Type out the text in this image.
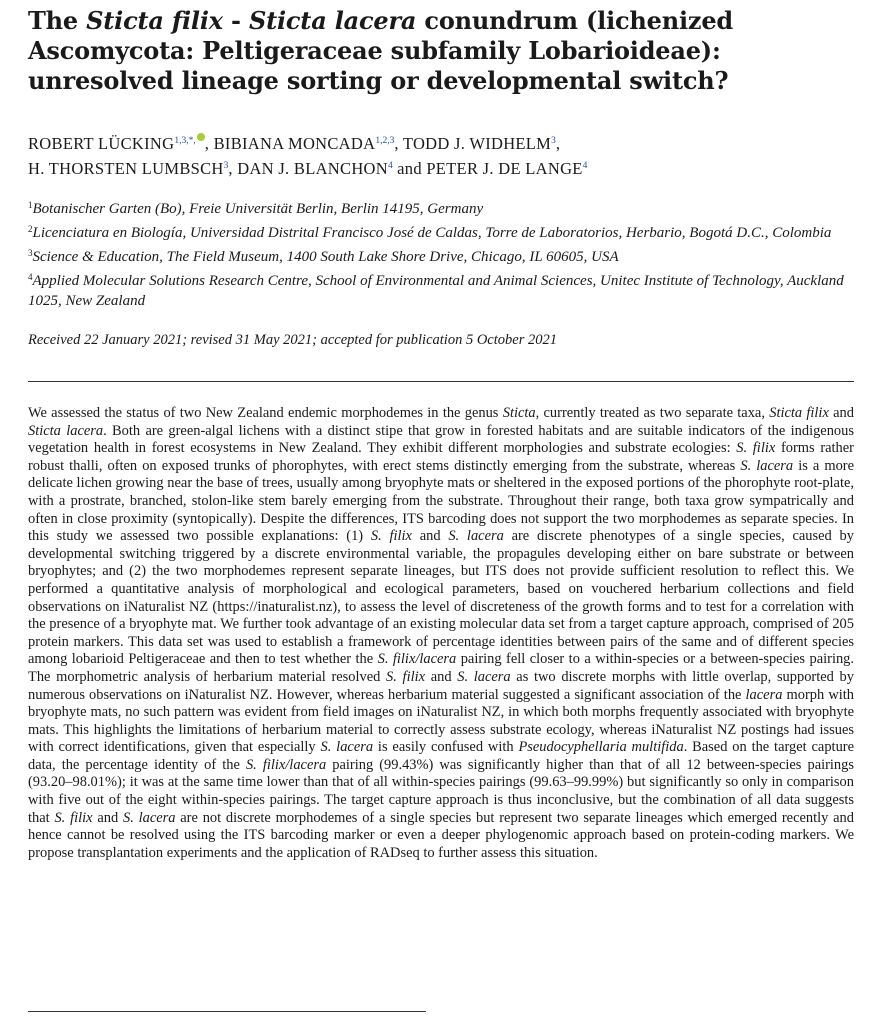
The Sticta filix - Sticta lacera conundrum (lichenized Ascomycota: Peltigeraceae subfamily Lobarioideae): unresolved lineage sorting or developmental switch?
ROBERT $LÜCKING^{1,3,*,}$ , BIBIANA MONCADA$^{1,2,3}$, TODD J. WIDHELM$^3$,
H. THORSTEN LUMBSCH$^3$, DAN J. BLANCHON$^4$ and PETER J. DE LANGE$^4$
$^1$Botanischer Garten (Bo), Freie Universität Berlin, Berlin 14195, Germany
$^2$Licenciatura en Biología, Universidad Distrital Francisco José de Caldas, Torre de Laboratorios, Herbario, Bogotá D.C., Colombia
$^3$Science & Education, The Field Museum, 1400 South Lake Shore Drive, Chicago, IL 60605, USA
$^4$Applied Molecular Solutions Research Centre, School of Environmental and Animal Sciences, Unitec Institute of Technology, Auckland 1025, New Zealand
Received 22 January 2021; revised 31 May 2021; accepted for publication 5 October 2021
We assessed the status of two New Zealand endemic morphodemes in the genus Sticta, currently treated as two separate taxa, Sticta filix and Sticta lacera. Both are green-algal lichens with a distinct stipe that grow in forested habitats and are suitable indicators of the indigenous vegetation health in forest ecosystems in New Zealand. They exhibit different morphologies and substrate ecologies: S. filix forms rather robust thalli, often on exposed trunks of phorophytes, with erect stems distinctly emerging from the substrate, whereas S. lacera is a more delicate lichen growing near the base of trees, usually among bryophyte mats or sheltered in the exposed portions of the phorophyte root-plate, with a prostrate, branched, stolon-like stem barely emerging from the substrate. Throughout their range, both taxa grow sympatrically and often in close proximity (syntopically). Despite the differences, ITS barcoding does not support the two morphodemes as separate species. In this study we assessed two possible explanations: (1) S. filix and S. lacera are discrete phenotypes of a single species, caused by developmental switching triggered by a discrete environmental variable, the propagules developing either on bare substrate or between bryophytes; and (2) the two morphodemes represent separate lineages, but ITS does not provide sufficient resolution to reflect this. We performed a quantitative analysis of morphological and ecological parameters, based on vouchered herbarium collections and field observations on iNaturalist NZ (https://inaturalist.nz), to assess the level of discreteness of the growth forms and to test for a correlation with the presence of a bryophyte mat. We further took advantage of an existing molecular data set from a target capture approach, comprised of 205 protein markers. This data set was used to establish a framework of percentage identities between pairs of the same and of different species among lobarioid Peltigeraceae and then to test whether the S. filix/lacera pairing fell closer to a within-species or a between-species pairing. The morphometric analysis of herbarium material resolved S. filix and S. lacera as two discrete morphs with little overlap, supported by numerous observations on iNaturalist NZ. However, whereas herbarium material suggested a significant association of the lacera morph with bryophyte mats, no such pattern was evident from field images on iNaturalist NZ, in which both morphs frequently associated with bryophyte mats. This highlights the limitations of herbarium material to correctly assess substrate ecology, whereas iNaturalist NZ postings had issues with correct identifications, given that especially S. lacera is easily confused with Pseudocyphellaria multifida. Based on the target capture data, the percentage identity of the S. filix/lacera pairing (99.43%) was significantly higher than that of all 12 between-species pairings (93.20–98.01%); it was at the same time lower than that of all within-species pairings (99.63–99.99%) but significantly so only in comparison with five out of the eight within-species pairings. The target capture approach is thus inconclusive, but the combination of all data suggests that S. filix and S. lacera are not discrete morphodemes of a single species but represent two separate lineages which emerged recently and hence cannot be resolved using the ITS barcoding marker or even a deeper phylogenomic approach based on protein-coding markers. We propose transplantation experiments and the application of RADseq to further assess this situation.
